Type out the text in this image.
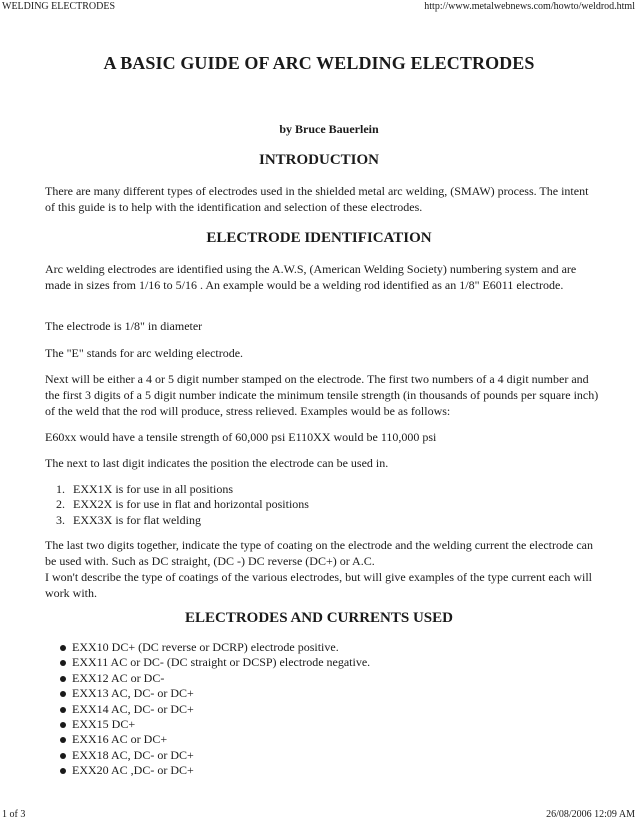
WELDING ELECTRODES	http://www.metalwebnews.com/howto/weldrod.html
A BASIC GUIDE OF ARC WELDING ELECTRODES
by Bruce Bauerlein
INTRODUCTION

There are many different types of electrodes used in the shielded metal arc welding, (SMAW) process. The intent of this guide is to help with the identification and selection of these electrodes.

ELECTRODE IDENTIFICATION

Arc welding electrodes are identified using the A.W.S, (American Welding Society) numbering system and are made in sizes from 1/16 to 5/16 . An example would be a welding rod identified as an 1/8" E6011 electrode.

The electrode is 1/8" in diameter

The "E" stands for arc welding electrode.

Next will be either a 4 or 5 digit number stamped on the electrode. The first two numbers of a 4 digit number and the first 3 digits of a 5 digit number indicate the minimum tensile strength (in thousands of pounds per square inch) of the weld that the rod will produce, stress relieved. Examples would be as follows:

E60xx would have a tensile strength of 60,000 psi E110XX would be 110,000 psi

The next to last digit indicates the position the electrode can be used in.

1. EXX1X is for use in all positions
2. EXX2X is for use in flat and horizontal positions
3. EXX3X is for flat welding

The last two digits together, indicate the type of coating on the electrode and the welding current the electrode can be used with. Such as DC straight, (DC -) DC reverse (DC+) or A.C.
I won't describe the type of coatings of the various electrodes, but will give examples of the type current each will work with.

ELECTRODES AND CURRENTS USED
EXX10 DC+ (DC reverse or DCRP) electrode positive.
EXX11 AC or DC- (DC straight or DCSP) electrode negative.
EXX12 AC or DC-
EXX13 AC, DC- or DC+
EXX14 AC, DC- or DC+
EXX15 DC+
EXX16 AC or DC+
EXX18 AC, DC- or DC+
EXX20 AC ,DC- or DC+
1 of 3	26/08/2006 12:09 AM
